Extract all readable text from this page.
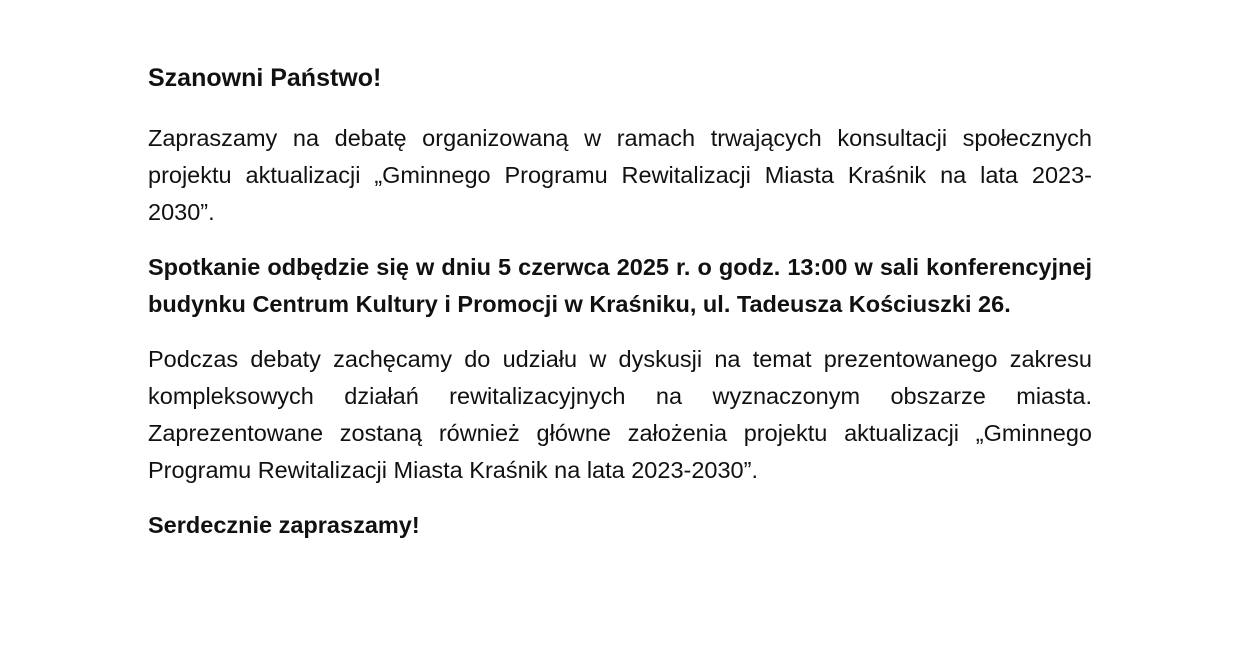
Szanowni Państwo!

Zapraszamy na debatę organizowaną w ramach trwających konsultacji społecznych projektu aktualizacji „Gminnego Programu Rewitalizacji Miasta Kraśnik na lata 2023-2030”.

Spotkanie odbędzie się w dniu 5 czerwca 2025 r. o godz. 13:00 w sali konferencyjnej budynku Centrum Kultury i Promocji w Kraśniku, ul. Tadeusza Kościuszki 26.

Podczas debaty zachęcamy do udziału w dyskusji na temat prezentowanego zakresu kompleksowych działań rewitalizacyjnych na wyznaczonym obszarze miasta. Zaprezentowane zostaną również główne założenia projektu aktualizacji „Gminnego Programu Rewitalizacji Miasta Kraśnik na lata 2023-2030”.

Serdecznie zapraszamy!
